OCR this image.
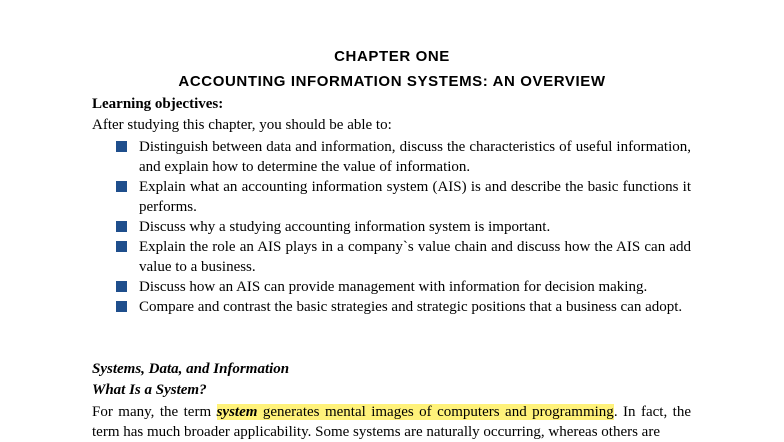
CHAPTER ONE
ACCOUNTING INFORMATION SYSTEMS: AN OVERVIEW
Learning objectives:
After studying this chapter, you should be able to:
Distinguish between data and information, discuss the characteristics of useful information, and explain how to determine the value of information.
Explain what an accounting information system (AIS) is and describe the basic functions it performs.
Discuss why a studying accounting information system is important.
Explain the role an AIS plays in a company`s value chain and discuss how the AIS can add value to a business.
Discuss how an AIS can provide management with information for decision making.
Compare and contrast the basic strategies and strategic positions that a business can adopt.
Systems, Data, and Information
What Is a System?
For many, the term system generates mental images of computers and programming. In fact, the term has much broader applicability. Some systems are naturally occurring, whereas others are
